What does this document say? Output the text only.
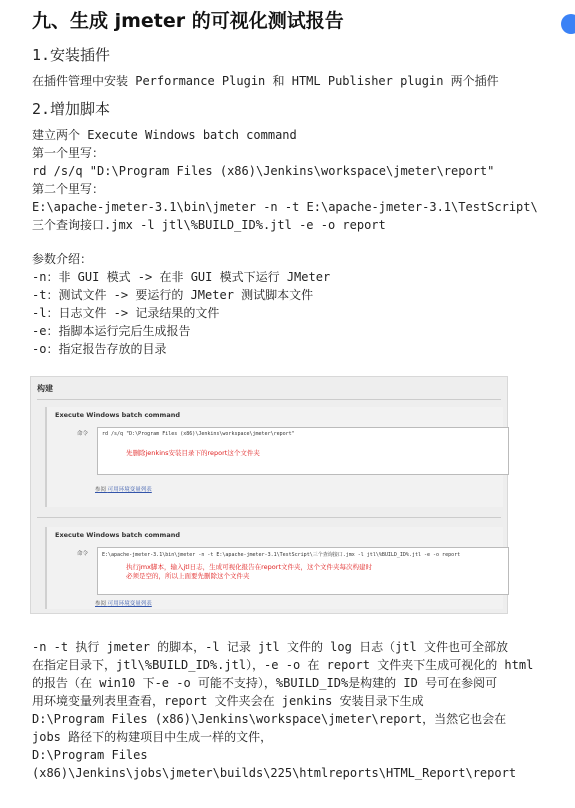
九、生成 jmeter 的可视化测试报告
1.安装插件
在插件管理中安装 Performance Plugin 和 HTML Publisher plugin 两个插件
2.增加脚本
建立两个 Execute Windows batch command
第一个里写：
rd /s/q "D:\Program Files (x86)\Jenkins\workspace\jmeter\report"
第二个里写：
E:\apache-jmeter-3.1\bin\jmeter -n -t E:\apache-jmeter-3.1\TestScript\
三个查询接口.jmx -l jtl\%BUILD_ID%.jtl -e -o report
参数介绍：
-n：非 GUI 模式 -> 在非 GUI 模式下运行 JMeter
-t：测试文件 -> 要运行的 JMeter 测试脚本文件
-l：日志文件 -> 记录结果的文件
-e：指脚本运行完后生成报告
-o：指定报告存放的目录
构建
Execute Windows batch command
命令	rd /s/q "D:\Program Files (x86)\Jenkins\workspace\jmeter\report"
先删除jenkins安装目录下的report这个文件夹
参阅 可用环境变量列表
Execute Windows batch command
命令	E:\apache-jmeter-3.1\bin\jmeter -n -t E:\apache-jmeter-3.1\TestScript\三个查询接口.jmx -l jtl\%BUILD_ID%.jtl -e -o report
执行jmx脚本，输入jtl日志，生成可视化报告在report文件夹，这个文件夹每次构建时
必须是空的，所以上面要先删除这个文件夹
参阅 可用环境变量列表
-n -t 执行 jmeter 的脚本，-l 记录 jtl 文件的 log 日志（jtl 文件也可全部放
在指定目录下，jtl\%BUILD_ID%.jtl），-e -o 在 report 文件夹下生成可视化的 html
的报告（在 win10 下-e -o 可能不支持），%BUILD_ID%是构建的 ID 号可在参阅可
用环境变量列表里查看，report 文件夹会在 jenkins 安装目录下生成
D:\Program Files (x86)\Jenkins\workspace\jmeter\report，当然它也会在
jobs 路径下的构建项目中生成一样的文件，
D:\Program Files
(x86)\Jenkins\jobs\jmeter\builds\225\htmlreports\HTML_Report\report
